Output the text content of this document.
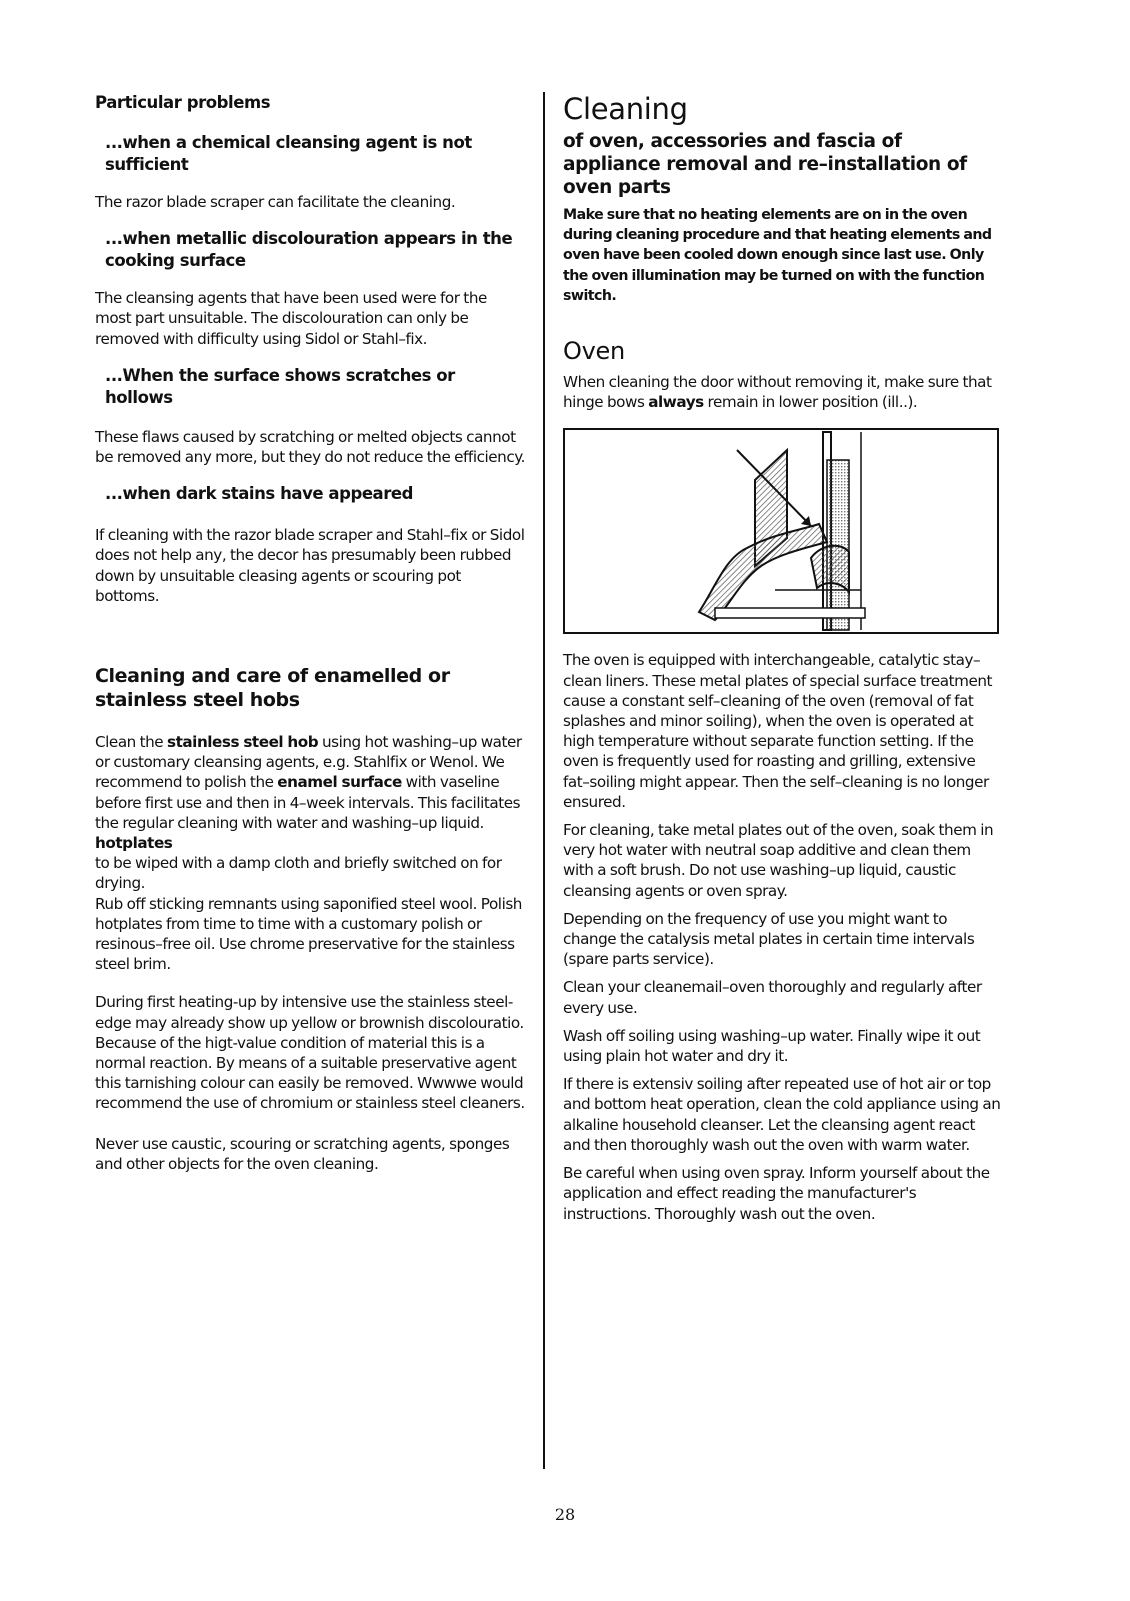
Particular problems
...when a chemical cleansing agent is not sufficient

The razor blade scraper can facilitate the cleaning.

...when metallic discolouration appears in the cooking surface

The cleansing agents that have been used were for the most part unsuitable. The discolouration can only be removed with difficulty using Sidol or Stahl–fix.

...When the surface shows scratches or hollows

These flaws caused by scratching or melted objects cannot be removed any more, but they do not reduce the efficiency.

...when dark stains have appeared

If cleaning with the razor blade scraper and Stahl–fix or Sidol does not help any, the decor has presumably been rubbed down by unsuitable cleasing agents or scouring pot bottoms.

Cleaning and care of enamelled or stainless steel hobs

Clean the stainless steel hob using hot washing–up water or customary cleansing agents, e.g. Stahlfix or Wenol. We recommend to polish the enamel surface with vaseline before first use and then in 4–week intervals. This facilitates the regular cleaning with water and washing–up liquid.

hotplates

to be wiped with a damp cloth and briefly switched on for drying.

Rub off sticking remnants using saponified steel wool. Polish hotplates from time to time with a customary polish or resinous–free oil. Use chrome preservative for the stainless steel brim.

During first heating-up by intensive use the stainless steel-edge may already show up yellow or brownish discolouratio. Because of the higt-value condition of material this is a normal reaction. By means of a suitable preservative agent this tarnishing colour can easily be removed. Wwwwe would recommend the use of chromium or stainless steel cleaners.

Never use caustic, scouring or scratching agents, sponges and other objects for the oven cleaning.

Cleaning
of oven, accessories and fascia of appliance removal and re–installation of oven parts

Make sure that no heating elements are on in the oven during cleaning procedure and that heating elements and oven have been cooled down enough since last use. Only the oven illumination may be turned on with the function switch.

Oven

When cleaning the door without removing it, make sure that hinge bows always remain in lower position (ill..).

The oven is equipped with interchangeable, catalytic stay–clean liners. These metal plates of special surface treatment cause a constant self–cleaning of the oven (removal of fat splashes and minor soiling), when the oven is operated at high temperature without separate function setting. If the oven is frequently used for roasting and grilling, extensive fat–soiling might appear. Then the self–cleaning is no longer ensured.

For cleaning, take metal plates out of the oven, soak them in very hot water with neutral soap additive and clean them with a soft brush. Do not use washing–up liquid, caustic cleansing agents or oven spray.

Depending on the frequency of use you might want to change the catalysis metal plates in certain time intervals (spare parts service).

Clean your cleanemail–oven thoroughly and regularly after every use.

Wash off soiling using washing–up water. Finally wipe it out using plain hot water and dry it.

If there is extensiv soiling after repeated use of hot air or top and bottom heat operation, clean the cold appliance using an alkaline household cleanser. Let the cleansing agent react and then thoroughly wash out the oven with warm water.

Be careful when using oven spray. Inform yourself about the application and effect reading the manufacturer's instructions. Thoroughly wash out the oven.

28
